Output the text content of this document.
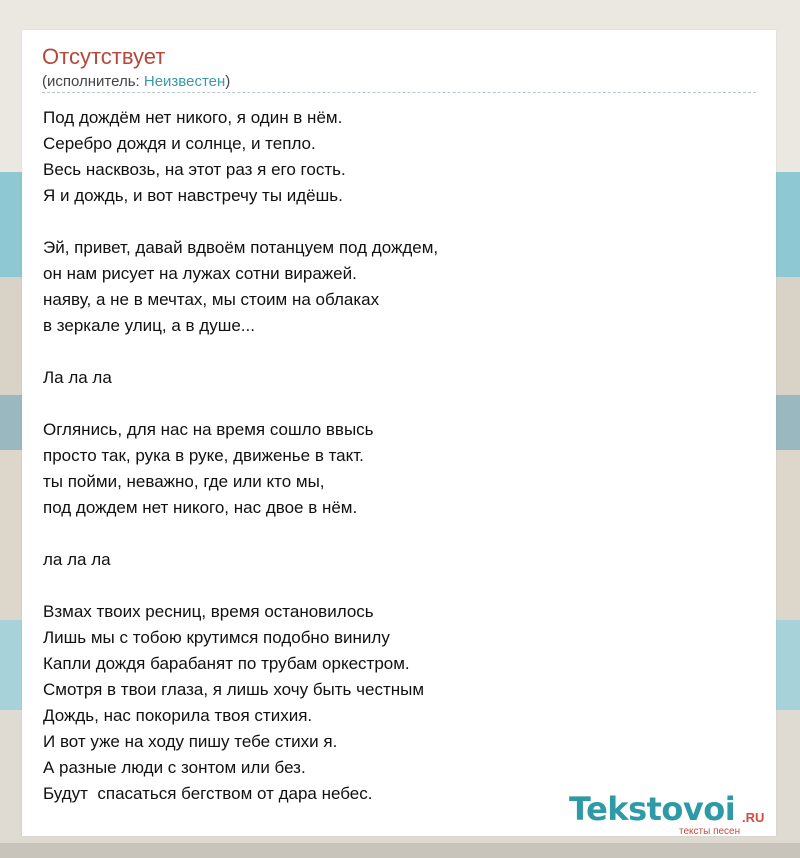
Отсутствует
(исполнитель: Неизвестен)
Под дождём нет никого, я один в нём.
Серебро дождя и солнце, и тепло.
Весь насквозь, на этот раз я его гость.
Я и дождь, и вот навстречу ты идёшь.
Эй, привет, давай вдвоём потанцуем под дождем,
он нам рисует на лужах сотни виражей.
наяву, а не в мечтах, мы стоим на облаках
в зеркале улиц, а в душе...
Ла ла ла
Оглянись, для нас на время сошло ввысь
просто так, рука в руке, движенье в такт.
ты пойми, неважно, где или кто мы,
под дождем нет никого, нас двое в нём.
ла ла ла
Взмах твоих ресниц, время остановилось
Лишь мы с тобою крутимся подобно винилу
Капли дождя барабанят по трубам оркестром.
Смотря в твои глаза, я лишь хочу быть честным
Дождь, нас покорила твоя стихия.
И вот уже на ходу пишу тебе стихи я.
А разные люди с зонтом или без.
Будут  спасаться бегством от дара небес.	Tekstovoi .RU
тексты песен
